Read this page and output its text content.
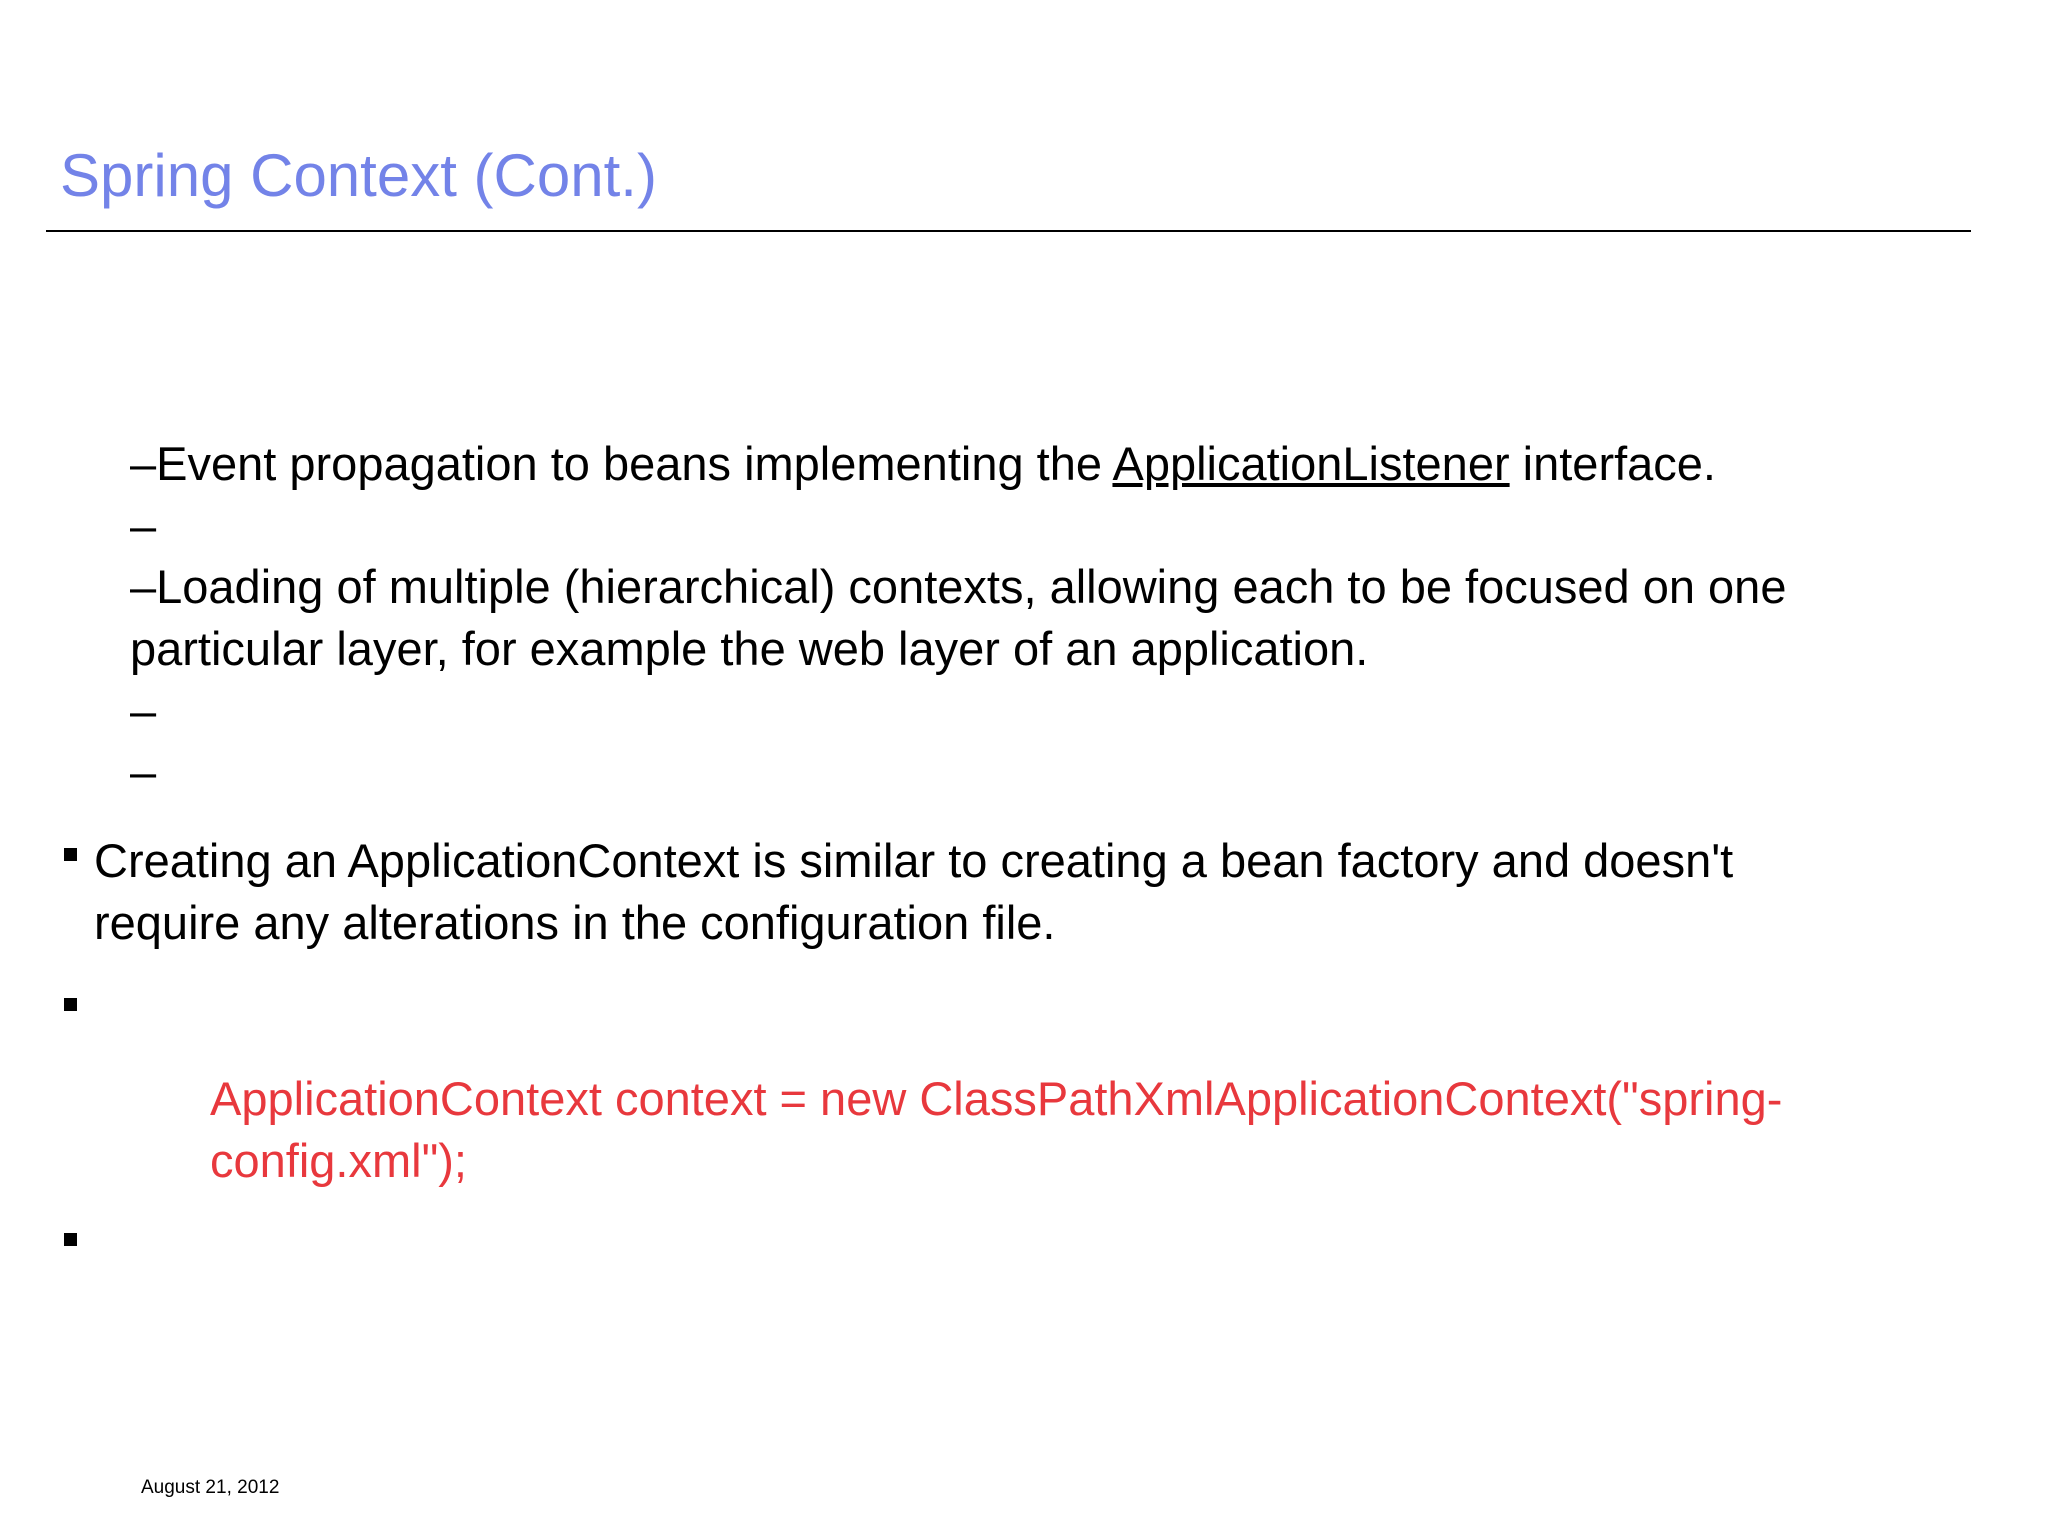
Spring Context (Cont.)
–Event propagation to beans implementing the ApplicationListener interface.
–
–Loading of multiple (hierarchical) contexts, allowing each to be focused on one
particular layer, for example the web layer of an application.
–
–
Creating an ApplicationContext is similar to creating a bean factory and doesn't
require any alterations in the configuration file.
ApplicationContext context = new ClassPathXmlApplicationContext("spring-
config.xml");
August 21, 2012
